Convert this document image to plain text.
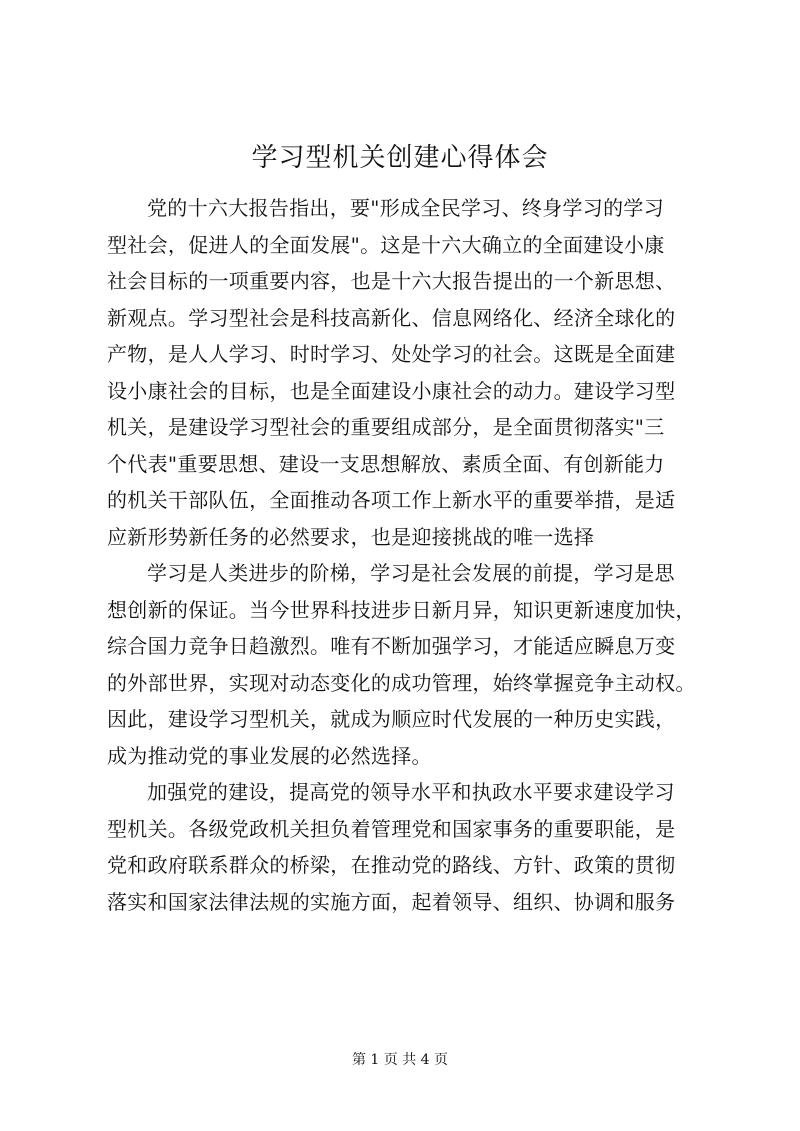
学习型机关创建心得体会
党的十六大报告指出，要"形成全民学习、终身学习的学习
型社会，促进人的全面发展"。这是十六大确立的全面建设小康
社会目标的一项重要内容，也是十六大报告提出的一个新思想、
新观点。学习型社会是科技高新化、信息网络化、经济全球化的
产物，是人人学习、时时学习、处处学习的社会。这既是全面建
设小康社会的目标，也是全面建设小康社会的动力。建设学习型
机关，是建设学习型社会的重要组成部分，是全面贯彻落实"三
个代表"重要思想、建设一支思想解放、素质全面、有创新能力
的机关干部队伍，全面推动各项工作上新水平的重要举措，是适
应新形势新任务的必然要求，也是迎接挑战的唯一选择
学习是人类进步的阶梯，学习是社会发展的前提，学习是思
想创新的保证。当今世界科技进步日新月异，知识更新速度加快，
综合国力竞争日趋激烈。唯有不断加强学习，才能适应瞬息万变
的外部世界，实现对动态变化的成功管理，始终掌握竞争主动权。
因此，建设学习型机关，就成为顺应时代发展的一种历史实践，
成为推动党的事业发展的必然选择。
加强党的建设，提高党的领导水平和执政水平要求建设学习
型机关。各级党政机关担负着管理党和国家事务的重要职能，是
党和政府联系群众的桥梁，在推动党的路线、方针、政策的贯彻
落实和国家法律法规的实施方面，起着领导、组织、协调和服务
第 1 页 共 4 页
